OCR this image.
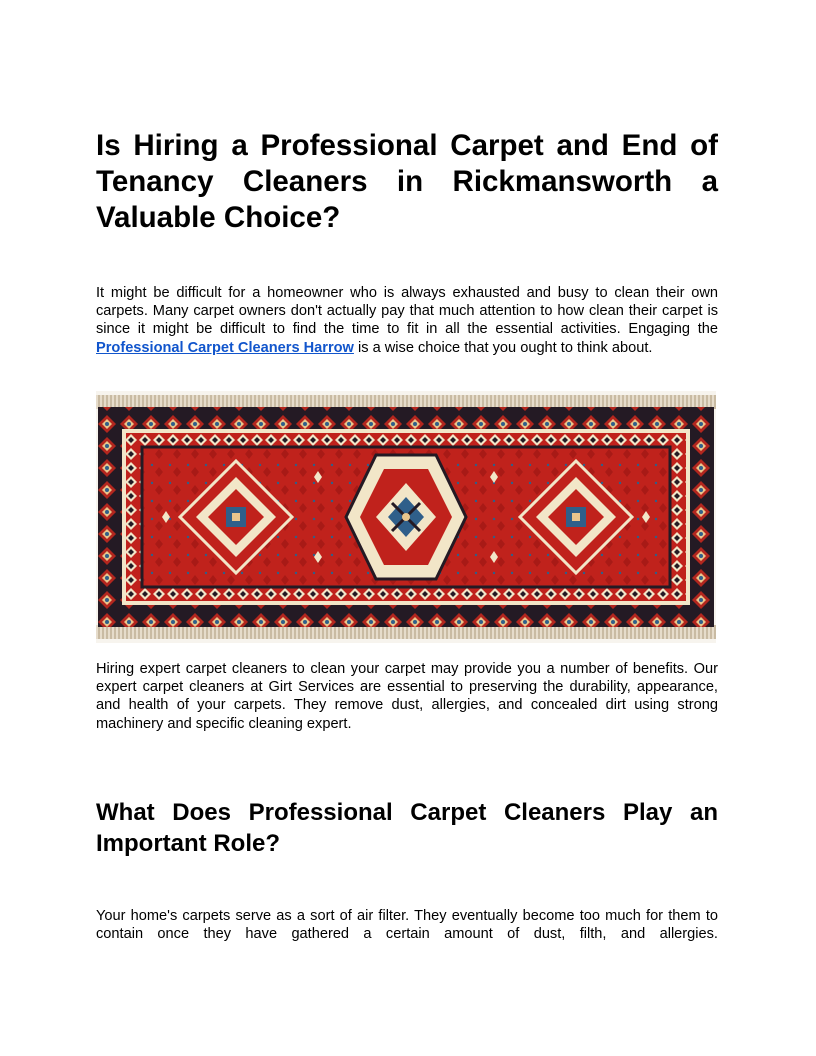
Is Hiring a Professional Carpet and End of Tenancy Cleaners in Rickmansworth a Valuable Choice?

It might be difficult for a homeowner who is always exhausted and busy to clean their own carpets. Many carpet owners don't actually pay that much attention to how clean their carpet is since it might be difficult to find the time to fit in all the essential activities. Engaging the Professional Carpet Cleaners Harrow is a wise choice that you ought to think about.

Hiring expert carpet cleaners to clean your carpet may provide you a number of benefits. Our expert carpet cleaners at Girt Services are essential to preserving the durability, appearance, and health of your carpets. They remove dust, allergies, and concealed dirt using strong machinery and specific cleaning expert.

What Does Professional Carpet Cleaners Play an Important Role?

Your home's carpets serve as a sort of air filter. They eventually become too much for them to contain once they have gathered a certain amount of dust, filth, and allergies.
